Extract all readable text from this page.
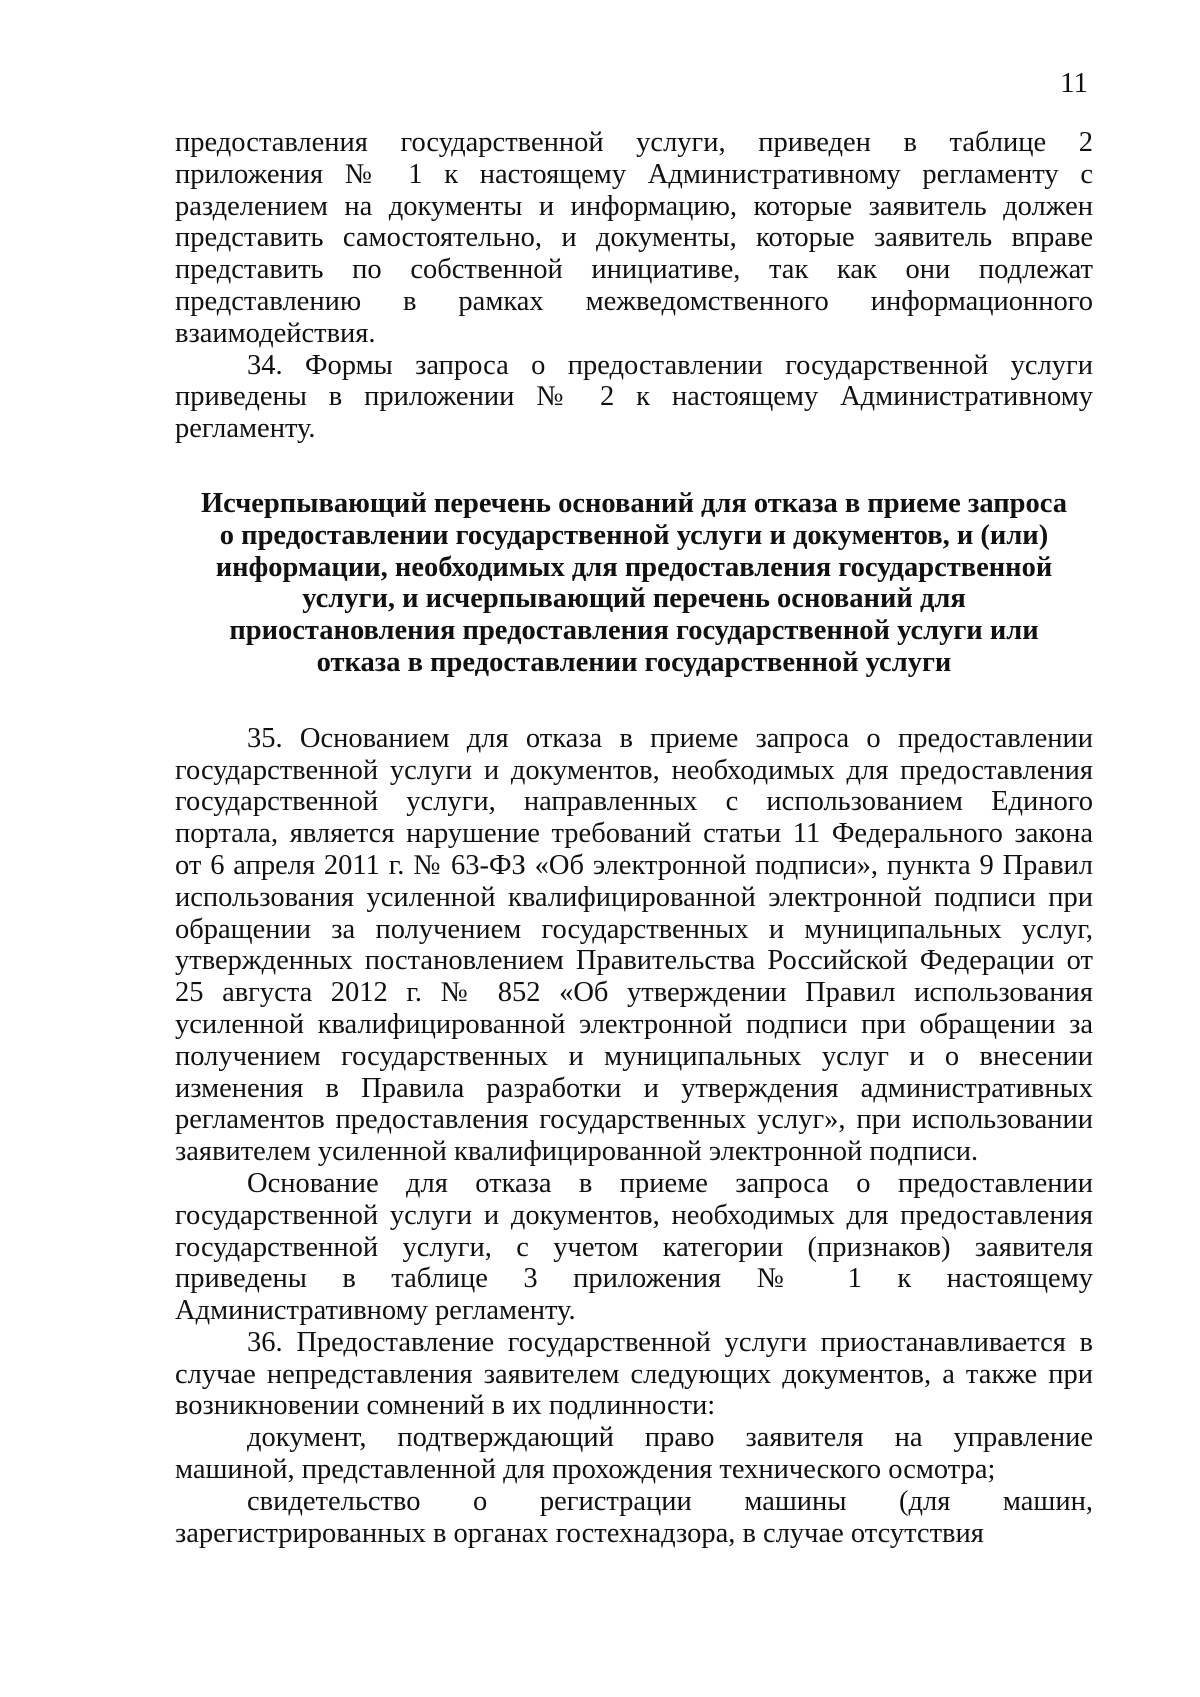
11

предоставления государственной услуги, приведен в таблице 2 приложения № 1 к настоящему Административному регламенту с разделением на документы и информацию, которые заявитель должен представить самостоятельно, и документы, которые заявитель вправе представить по собственной инициативе, так как они подлежат представлению в рамках межведомственного информационного взаимодействия.

34. Формы запроса о предоставлении государственной услуги приведены в приложении № 2 к настоящему Административному регламенту.

Исчерпывающий перечень оснований для отказа в приеме запроса о предоставлении государственной услуги и документов, и (или) информации, необходимых для предоставления государственной услуги, и исчерпывающий перечень оснований для приостановления предоставления государственной услуги или отказа в предоставлении государственной услуги

35. Основанием для отказа в приеме запроса о предоставлении государственной услуги и документов, необходимых для предоставления государственной услуги, направленных с использованием Единого портала, является нарушение требований статьи 11 Федерального закона от 6 апреля 2011 г. № 63-ФЗ «Об электронной подписи», пункта 9 Правил использования усиленной квалифицированной электронной подписи при обращении за получением государственных и муниципальных услуг, утвержденных постановлением Правительства Российской Федерации от 25 августа 2012 г. № 852 «Об утверждении Правил использования усиленной квалифицированной электронной подписи при обращении за получением государственных и муниципальных услуг и о внесении изменения в Правила разработки и утверждения административных регламентов предоставления государственных услуг», при использовании заявителем усиленной квалифицированной электронной подписи.

Основание для отказа в приеме запроса о предоставлении государственной услуги и документов, необходимых для предоставления государственной услуги, с учетом категории (признаков) заявителя приведены в таблице 3 приложения № 1 к настоящему Административному регламенту.

36. Предоставление государственной услуги приостанавливается в случае непредставления заявителем следующих документов, а также при возникновении сомнений в их подлинности:

документ, подтверждающий право заявителя на управление машиной, представленной для прохождения технического осмотра;

свидетельство о регистрации машины (для машин, зарегистрированных в органах гостехнадзора, в случае отсутствия
